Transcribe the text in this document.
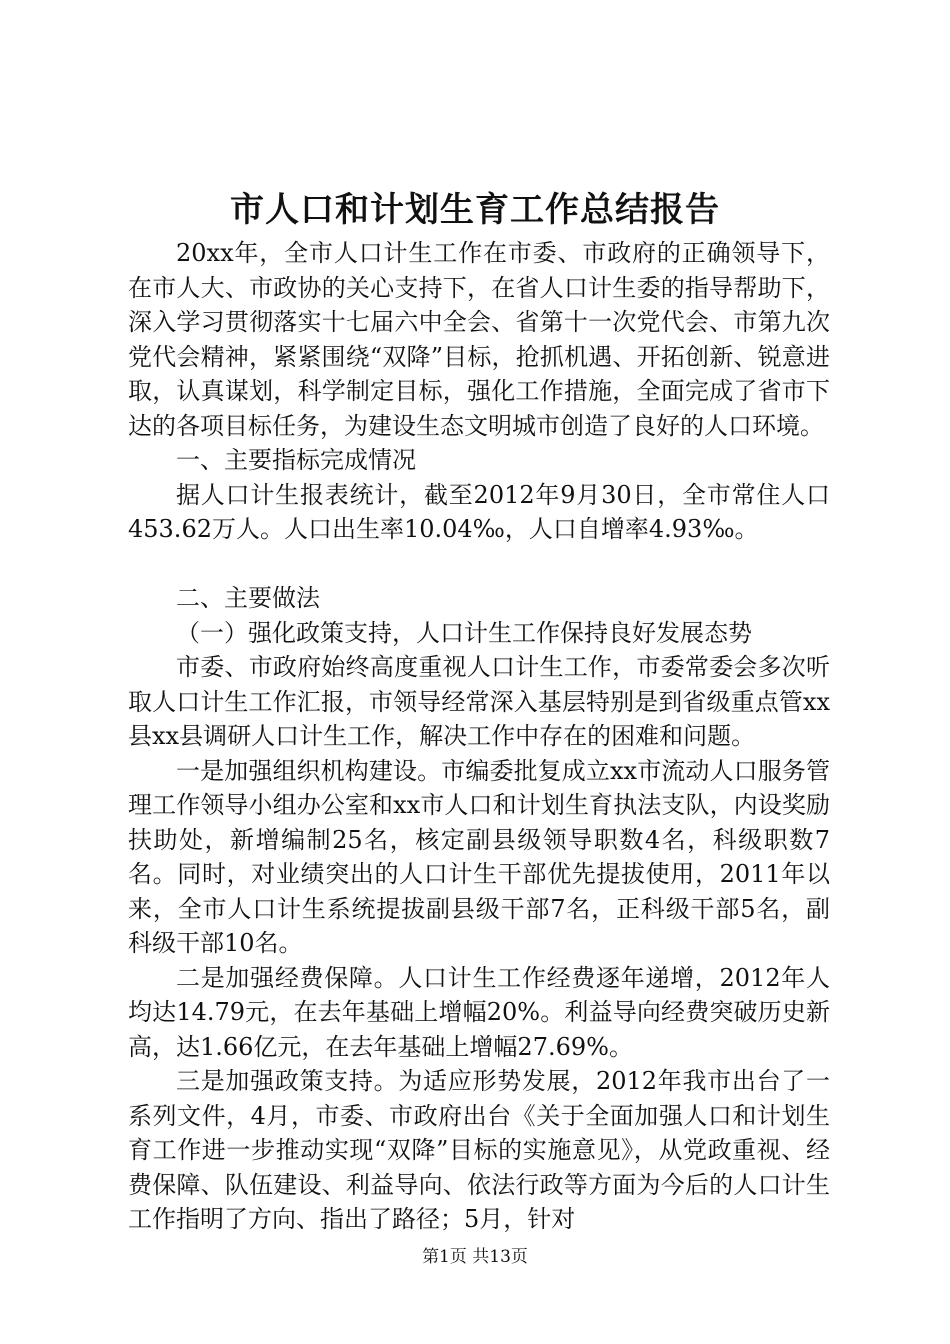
市人口和计划生育工作总结报告

20xx年，全市人口计生工作在市委、市政府的正确领导下，在市人大、市政协的关心支持下，在省人口计生委的指导帮助下，深入学习贯彻落实十七届六中全会、省第十一次党代会、市第九次党代会精神，紧紧围绕“双降”目标，抢抓机遇、开拓创新、锐意进取，认真谋划，科学制定目标，强化工作措施，全面完成了省市下达的各项目标任务，为建设生态文明城市创造了良好的人口环境。

一、主要指标完成情况

据人口计生报表统计，截至2012年9月30日，全市常住人口453.62万人。人口出生率10.04‰，人口自增率4.93‰。

二、主要做法

（一）强化政策支持，人口计生工作保持良好发展态势

市委、市政府始终高度重视人口计生工作，市委常委会多次听取人口计生工作汇报，市领导经常深入基层特别是到省级重点管xx县xx县调研人口计生工作，解决工作中存在的困难和问题。

一是加强组织机构建设。市编委批复成立xx市流动人口服务管理工作领导小组办公室和xx市人口和计划生育执法支队，内设奖励扶助处，新增编制25名，核定副县级领导职数4名，科级职数7名。同时，对业绩突出的人口计生干部优先提拔使用，2011年以来，全市人口计生系统提拔副县级干部7名，正科级干部5名，副科级干部10名。

二是加强经费保障。人口计生工作经费逐年递增，2012年人均达14.79元，在去年基础上增幅20%。利益导向经费突破历史新高，达1.66亿元，在去年基础上增幅27.69%。

三是加强政策支持。为适应形势发展，2012年我市出台了一系列文件，4月，市委、市政府出台《关于全面加强人口和计划生育工作进一步推动实现“双降”目标的实施意见》，从党政重视、经费保障、队伍建设、利益导向、依法行政等方面为今后的人口计生工作指明了方向、指出了路径；5月，针对

第1页 共13页
